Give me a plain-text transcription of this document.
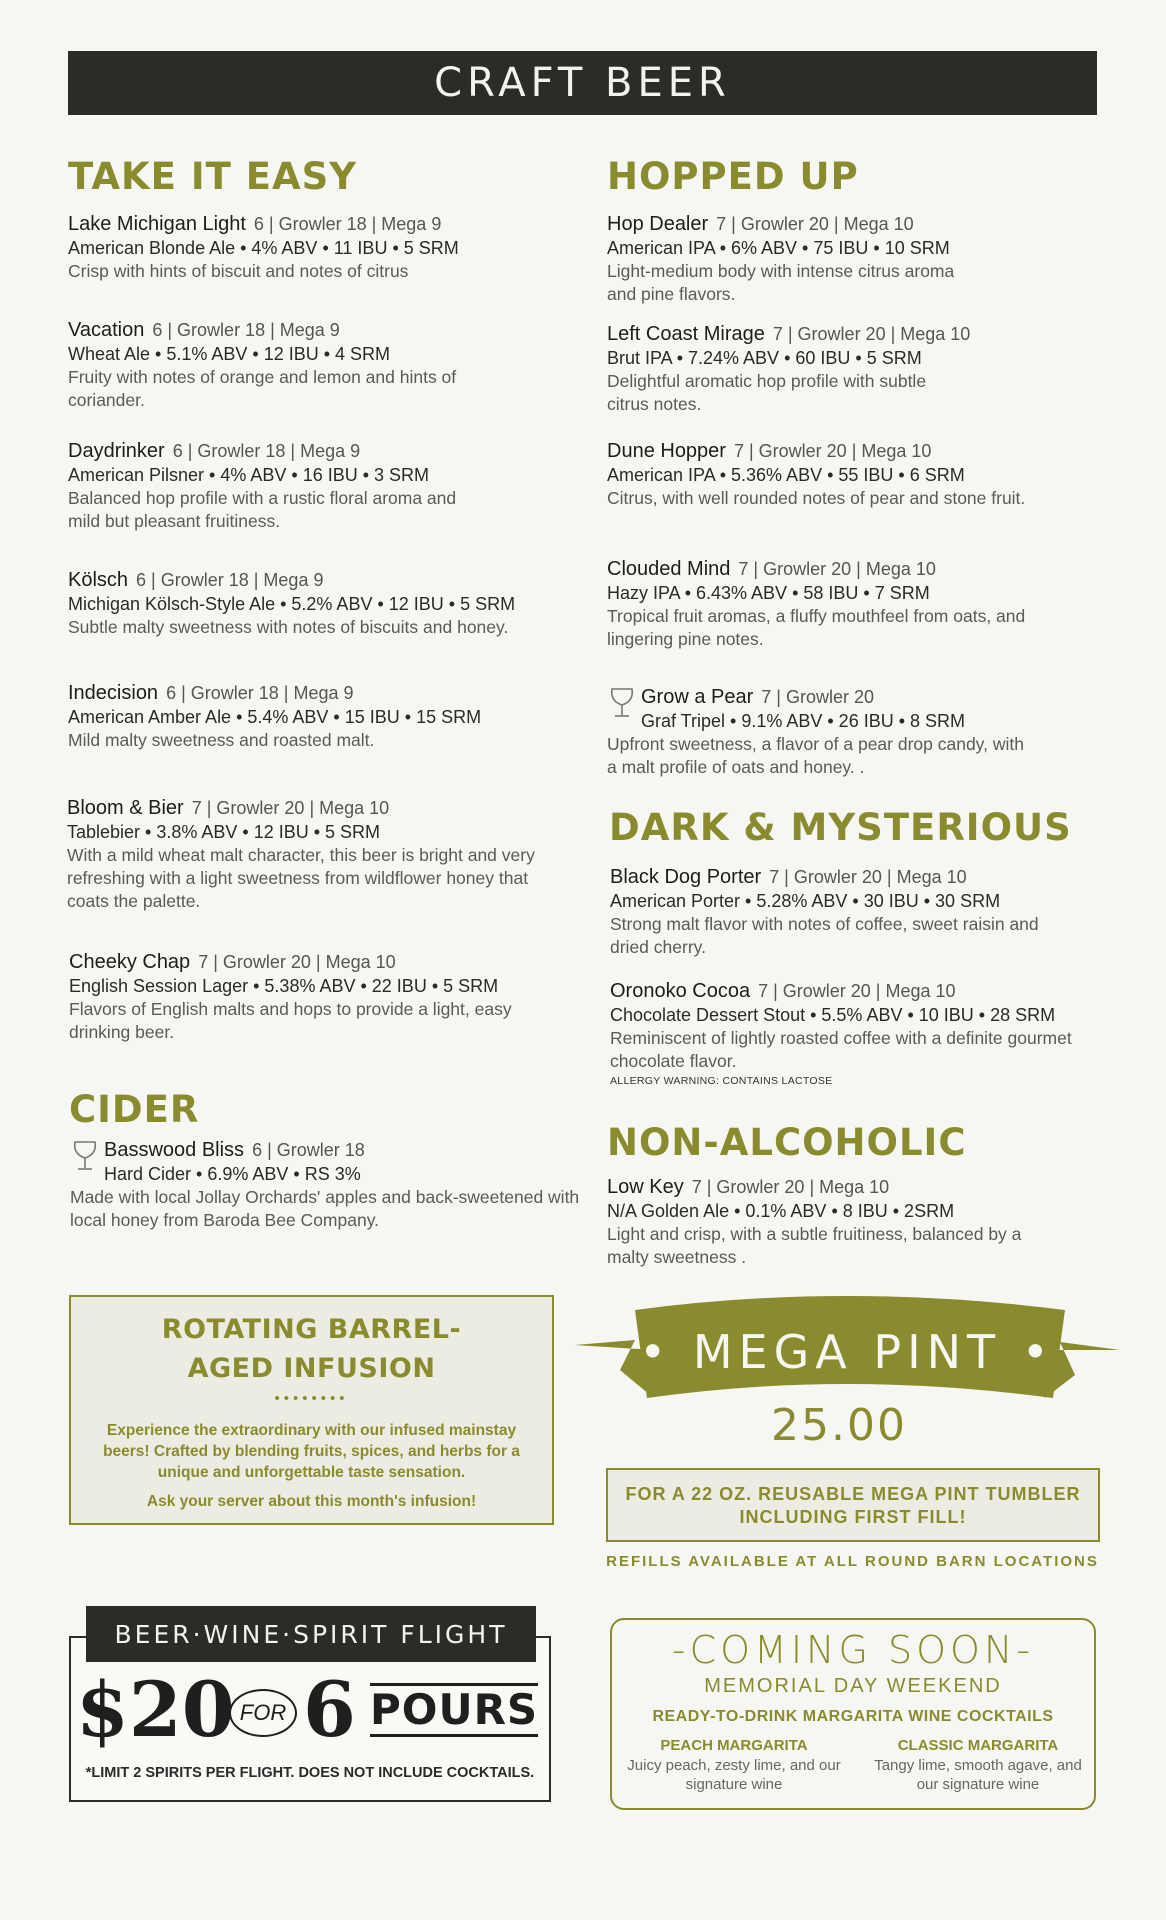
CRAFT BEER
TAKE IT EASY
Lake Michigan Light 6 | Growler 18 | Mega 9
American Blonde Ale • 4% ABV • 11 IBU • 5 SRM
Crisp with hints of biscuit and notes of citrus
Vacation 6 | Growler 18 | Mega 9
Wheat Ale • 5.1% ABV • 12 IBU • 4 SRM
Fruity with notes of orange and lemon and hints of coriander.
Daydrinker 6 | Growler 18 | Mega 9
American Pilsner • 4% ABV • 16 IBU • 3 SRM
Balanced hop profile with a rustic floral aroma and mild but pleasant fruitiness.
Kölsch 6 | Growler 18 | Mega 9
Michigan Kölsch-Style Ale • 5.2% ABV • 12 IBU • 5 SRM
Subtle malty sweetness with notes of biscuits and honey.
Indecision 6 | Growler 18 | Mega 9
American Amber Ale • 5.4% ABV • 15 IBU • 15 SRM
Mild malty sweetness and roasted malt.
Bloom & Bier 7 | Growler 20 | Mega 10
Tablebier • 3.8% ABV • 12 IBU • 5 SRM
With a mild wheat malt character, this beer is bright and very refreshing with a light sweetness from wildflower honey that coats the palette.
Cheeky Chap 7 | Growler 20 | Mega 10
English Session Lager • 5.38% ABV • 22 IBU • 5 SRM
Flavors of English malts and hops to provide a light, easy drinking beer.
CIDER
Basswood Bliss 6 | Growler 18
Hard Cider • 6.9% ABV • RS 3%
Made with local Jollay Orchards' apples and back-sweetened with local honey from Baroda Bee Company.
HOPPED UP
Hop Dealer 7 | Growler 20 | Mega 10
American IPA • 6% ABV • 75 IBU • 10 SRM
Light-medium body with intense citrus aroma and pine flavors.
Left Coast Mirage 7 | Growler 20 | Mega 10
Brut IPA • 7.24% ABV • 60 IBU • 5 SRM
Delightful aromatic hop profile with subtle citrus notes.
Dune Hopper 7 | Growler 20 | Mega 10
American IPA • 5.36% ABV • 55 IBU • 6 SRM
Citrus, with well rounded notes of pear and stone fruit.
Clouded Mind 7 | Growler 20 | Mega 10
Hazy IPA • 6.43% ABV • 58 IBU • 7 SRM
Tropical fruit aromas, a fluffy mouthfeel from oats, and lingering pine notes.
Grow a Pear 7 | Growler 20
Graf Tripel • 9.1% ABV • 26 IBU • 8 SRM
Upfront sweetness, a flavor of a pear drop candy, with a malt profile of oats and honey. .
DARK & MYSTERIOUS
Black Dog Porter 7 | Growler 20 | Mega 10
American Porter • 5.28% ABV • 30 IBU • 30 SRM
Strong malt flavor with notes of coffee, sweet raisin and dried cherry.
Oronoko Cocoa 7 | Growler 20 | Mega 10
Chocolate Dessert Stout • 5.5% ABV • 10 IBU • 28 SRM
Reminiscent of lightly roasted coffee with a definite gourmet chocolate flavor.
ALLERGY WARNING: CONTAINS LACTOSE
NON-ALCOHOLIC
Low Key 7 | Growler 20 | Mega 10
N/A Golden Ale • 0.1% ABV • 8 IBU • 2SRM
Light and crisp, with a subtle fruitiness, balanced by a malty sweetness .
ROTATING BARREL-
AGED INFUSION
••••••••
Experience the extraordinary with our infused mainstay beers! Crafted by blending fruits, spices, and herbs for a unique and unforgettable taste sensation.
Ask your server about this month's infusion!
• MEGA PINT •
25.00
FOR A 22 OZ. REUSABLE MEGA PINT TUMBLER
INCLUDING FIRST FILL!
REFILLS AVAILABLE AT ALL ROUND BARN LOCATIONS
BEER·WINE·SPIRIT FLIGHT
$20 FOR 6 POURS
*LIMIT 2 SPIRITS PER FLIGHT. DOES NOT INCLUDE COCKTAILS.
-COMING SOON-
MEMORIAL DAY WEEKEND
READY-TO-DRINK MARGARITA WINE COCKTAILS
PEACH MARGARITA
Juicy peach, zesty lime, and our signature wine
CLASSIC MARGARITA
Tangy lime, smooth agave, and our signature wine
